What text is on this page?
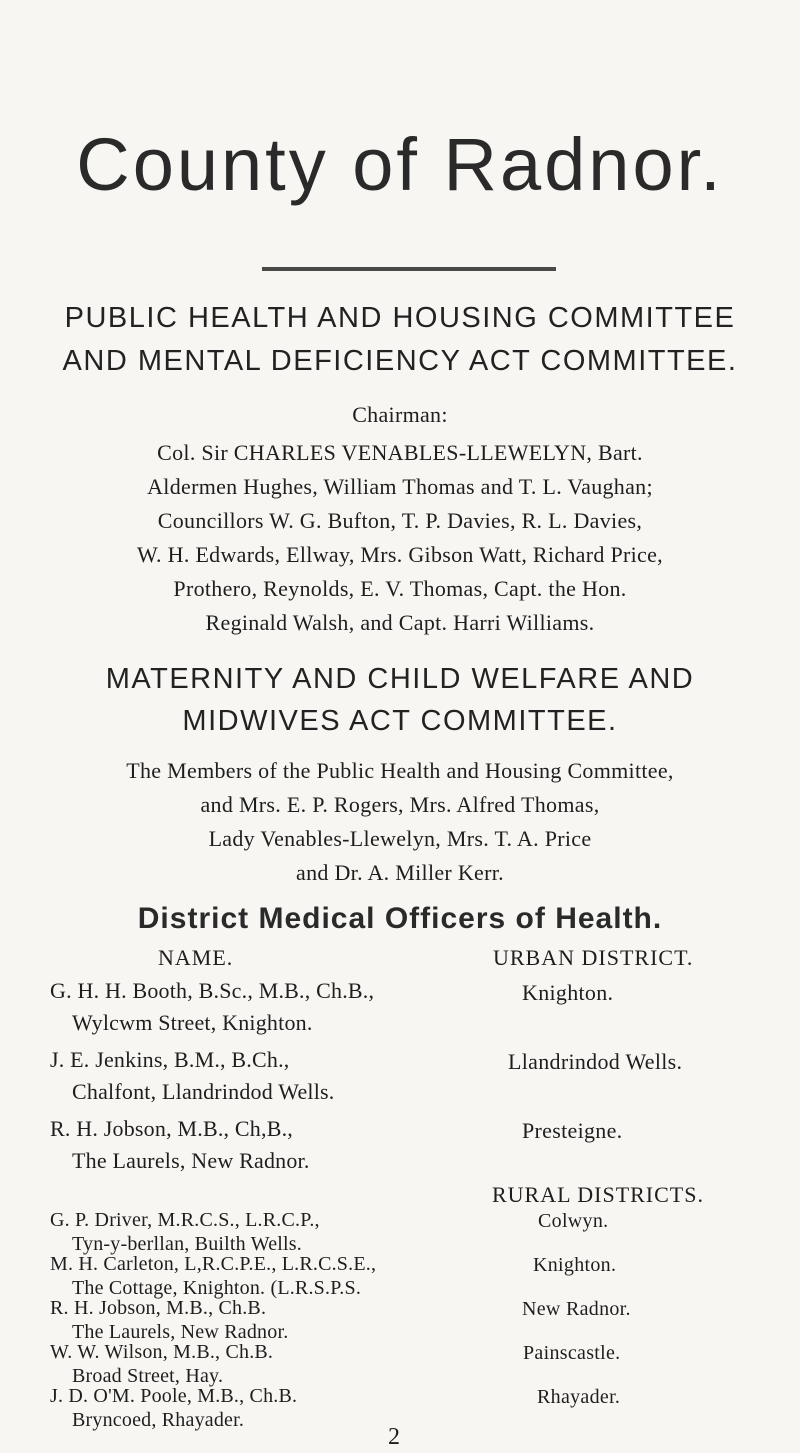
County of Radnor.
PUBLIC HEALTH AND HOUSING COMMITTEE
AND MENTAL DEFICIENCY ACT COMMITTEE.
Chairman:
Col. Sir CHARLES VENABLES-LLEWELYN, Bart.
Aldermen Hughes, William Thomas and T. L. Vaughan;
Councillors W. G. Bufton, T. P. Davies, R. L. Davies,
W. H. Edwards, Ellway, Mrs. Gibson Watt, Richard Price,
Prothero, Reynolds, E. V. Thomas, Capt. the Hon.
Reginald Walsh, and Capt. Harri Williams.
MATERNITY AND CHILD WELFARE AND
MIDWIVES ACT COMMITTEE.
The Members of the Public Health and Housing Committee,
and Mrs. E. P. Rogers, Mrs. Alfred Thomas,
Lady Venables-Llewelyn, Mrs. T. A. Price
and Dr. A. Miller Kerr.
District Medical Officers of Health.
NAME.	URBAN DISTRICT.
G. H. H. Booth, B.Sc., M.B., Ch.B.,
Wylcwm Street, Knighton.
Knighton.
J. E. Jenkins, B.M., B.Ch.,
Chalfont, Llandrindod Wells.
Llandrindod Wells.
R. H. Jobson, M.B., Ch,B.,
The Laurels, New Radnor.
Presteigne.
RURAL DISTRICTS.
G. P. Driver, M.R.C.S., L.R.C.P.,
Tyn-y-berllan, Builth Wells.
Colwyn.
M. H. Carleton, L,R.C.P.E., L.R.C.S.E.,
The Cottage, Knighton. (L.R.S.P.S.
Knighton.
R. H. Jobson, M.B., Ch.B.
The Laurels, New Radnor.
New Radnor.
W. W. Wilson, M.B., Ch.B.
Broad Street, Hay.
Painscastle.
J. D. O'M. Poole, M.B., Ch.B.
Bryncoed, Rhayader.
Rhayader.
2
